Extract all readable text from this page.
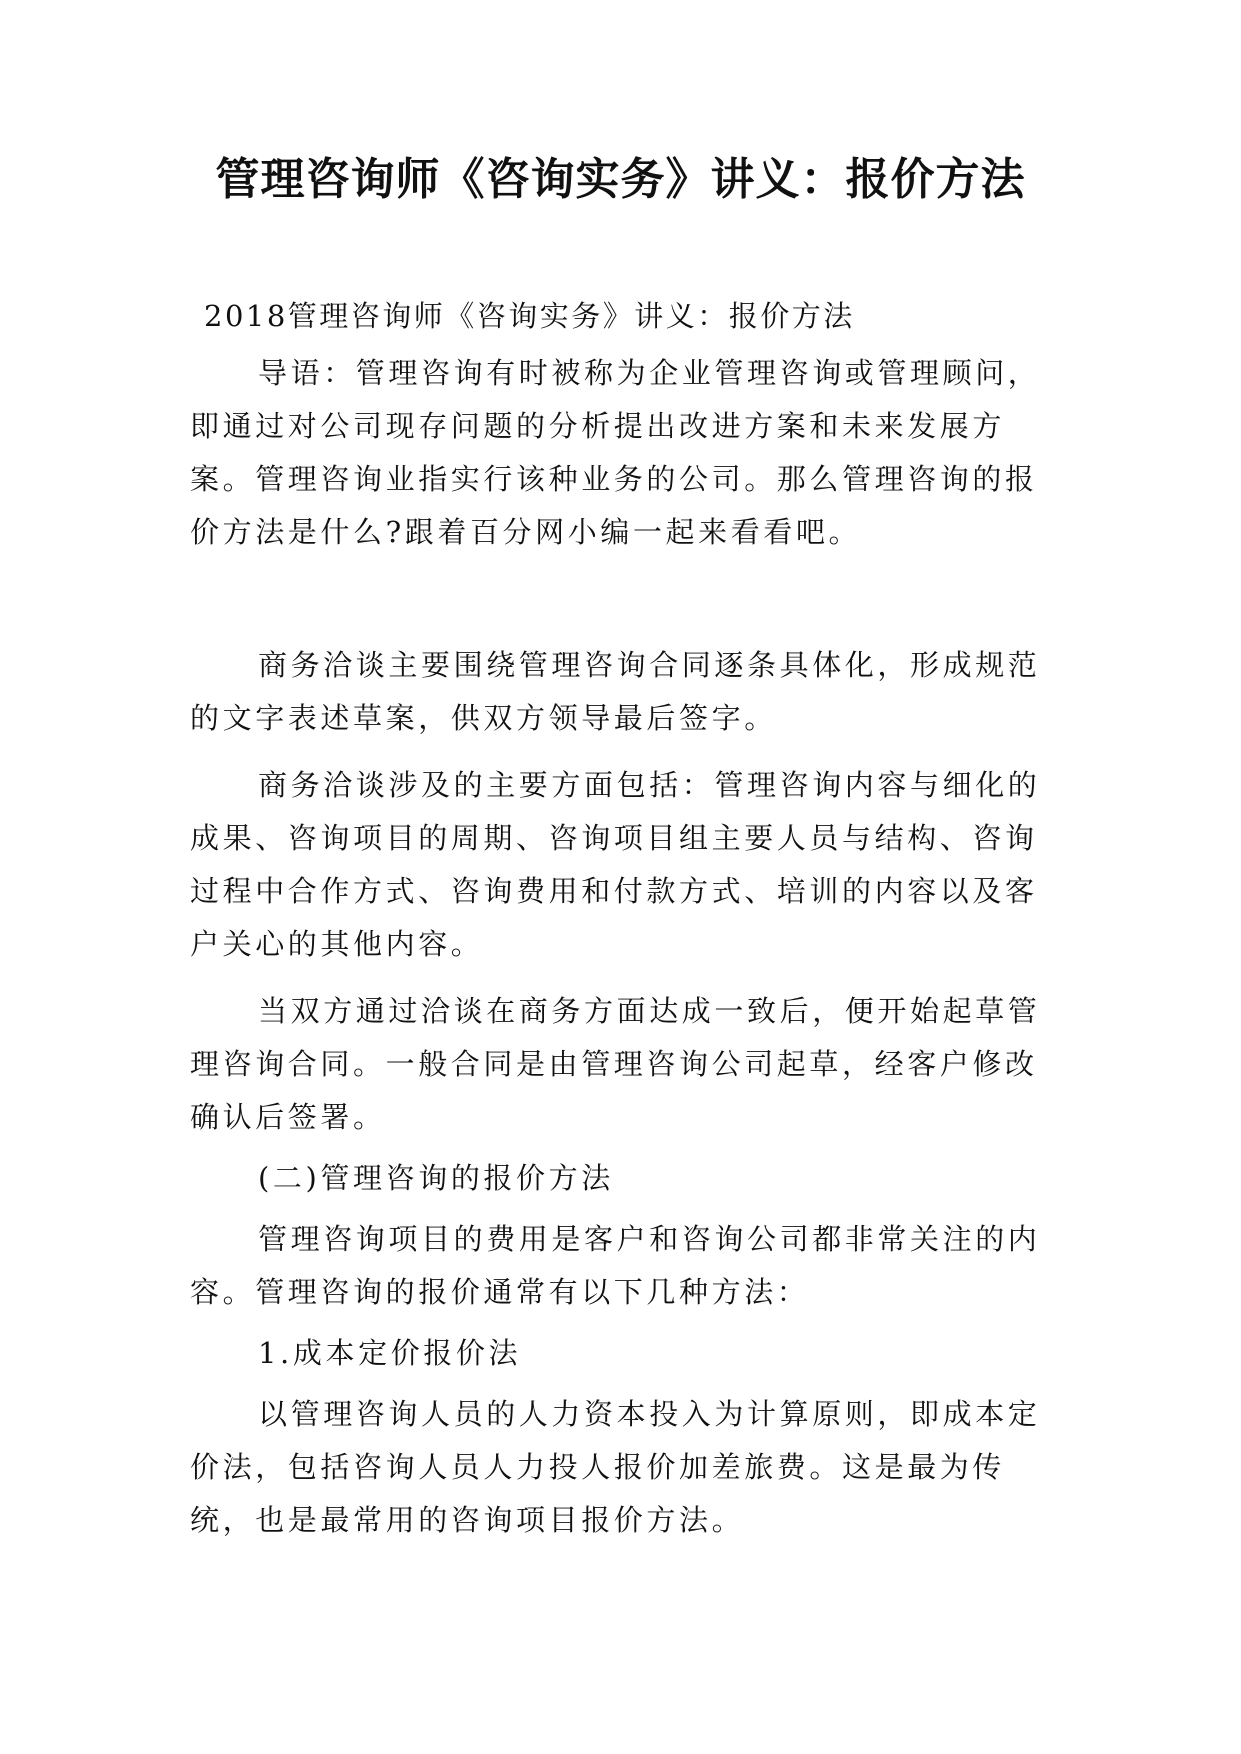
管理咨询师《咨询实务》讲义：报价方法

2018管理咨询师《咨询实务》讲义：报价方法

导语：管理咨询有时被称为企业管理咨询或管理顾问，即通过对公司现存问题的分析提出改进方案和未来发展方案。管理咨询业指实行该种业务的公司。那么管理咨询的报价方法是什么?跟着百分网小编一起来看看吧。

商务洽谈主要围绕管理咨询合同逐条具体化，形成规范的文字表述草案，供双方领导最后签字。

商务洽谈涉及的主要方面包括：管理咨询内容与细化的成果、咨询项目的周期、咨询项目组主要人员与结构、咨询过程中合作方式、咨询费用和付款方式、培训的内容以及客户关心的其他内容。

当双方通过洽谈在商务方面达成一致后，便开始起草管理咨询合同。一般合同是由管理咨询公司起草，经客户修改确认后签署。

(二)管理咨询的报价方法

管理咨询项目的费用是客户和咨询公司都非常关注的内容。管理咨询的报价通常有以下几种方法：

1.成本定价报价法

以管理咨询人员的人力资本投入为计算原则，即成本定价法，包括咨询人员人力投人报价加差旅费。这是最为传统，也是最常用的咨询项目报价方法。
